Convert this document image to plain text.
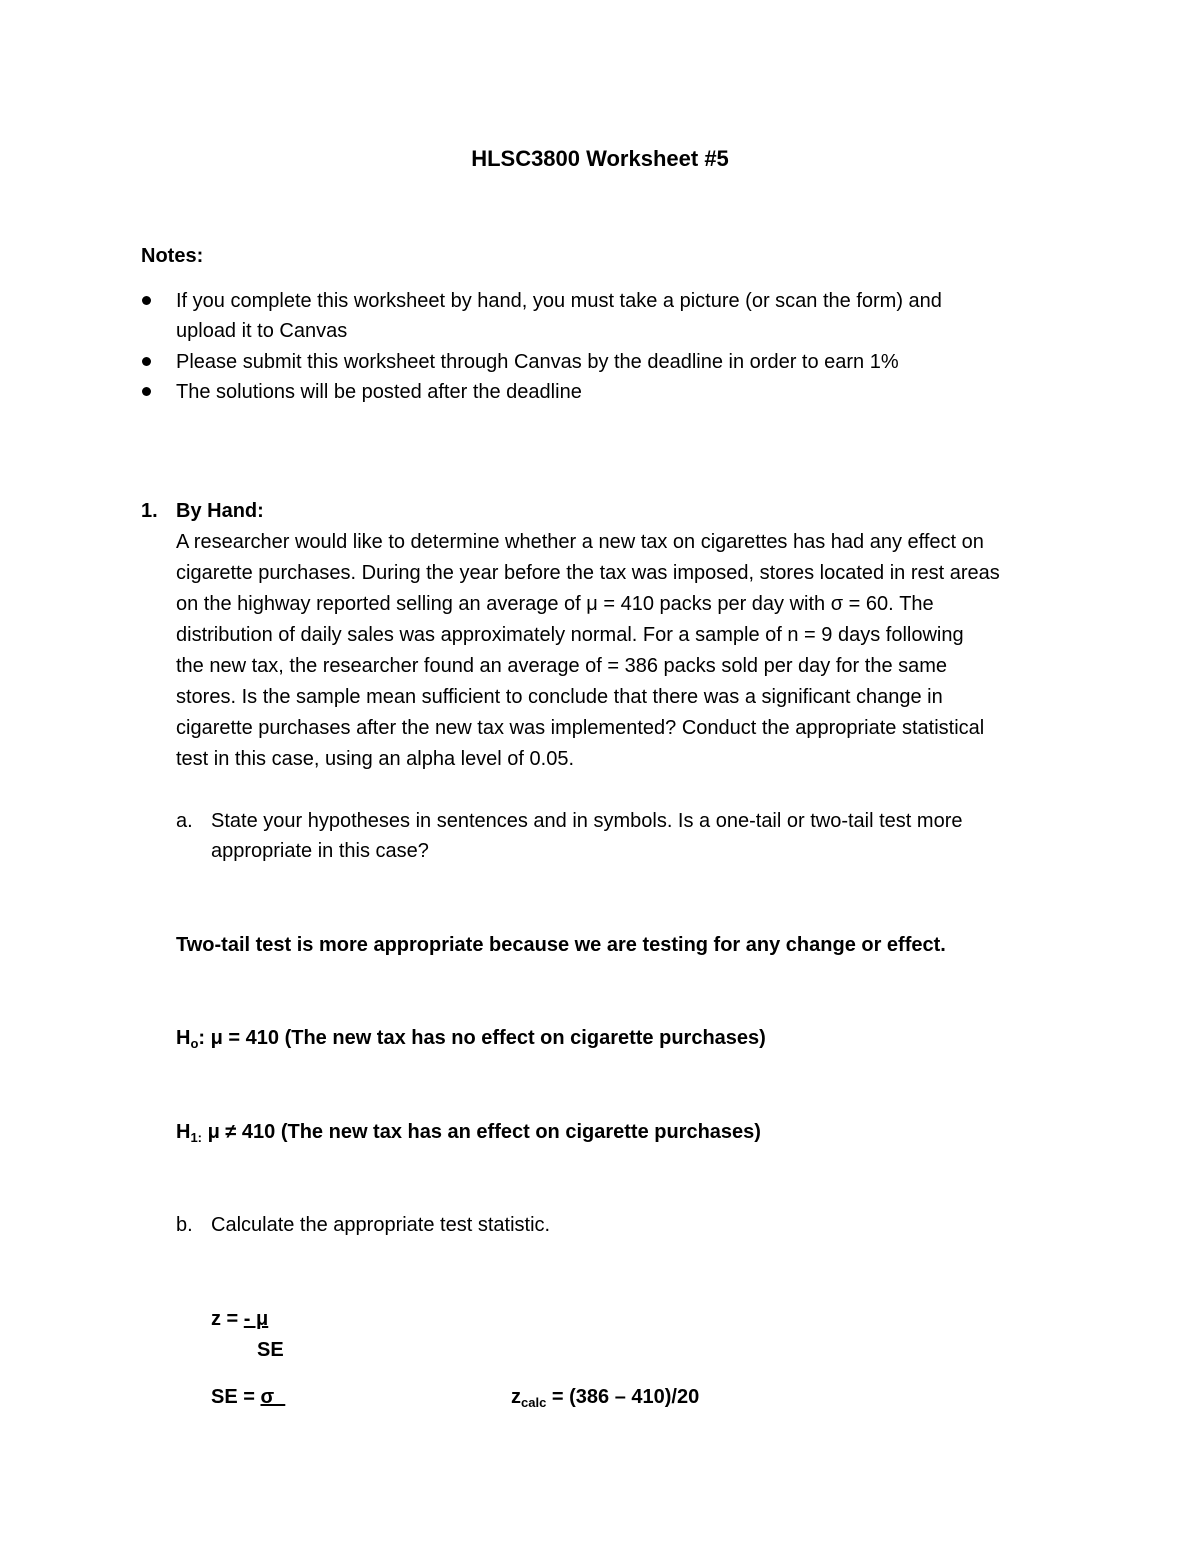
HLSC3800 Worksheet #5
Notes:
If you complete this worksheet by hand, you must take a picture (or scan the form) and
upload it to Canvas
Please submit this worksheet through Canvas by the deadline in order to earn 1%
The solutions will be posted after the deadline
1. By Hand:
A researcher would like to determine whether a new tax on cigarettes has had any effect on
cigarette purchases. During the year before the tax was imposed, stores located in rest areas
on the highway reported selling an average of μ = 410 packs per day with σ = 60. The
distribution of daily sales was approximately normal. For a sample of n = 9 days following
the new tax, the researcher found an average of = 386 packs sold per day for the same
stores. Is the sample mean sufficient to conclude that there was a significant change in
cigarette purchases after the new tax was implemented? Conduct the appropriate statistical
test in this case, using an alpha level of 0.05.
a. State your hypotheses in sentences and in symbols. Is a one-tail or two-tail test more
appropriate in this case?
Two-tail test is more appropriate because we are testing for any change or effect.
$H_o$: μ = 410 (The new tax has no effect on cigarette purchases)
$H_{1:}$ μ ≠ 410 (The new tax has an effect on cigarette purchases)
b. Calculate the appropriate test statistic.
z = - μ
SE
SE = σ	$z_{calc} = (386 - 410)/20$
